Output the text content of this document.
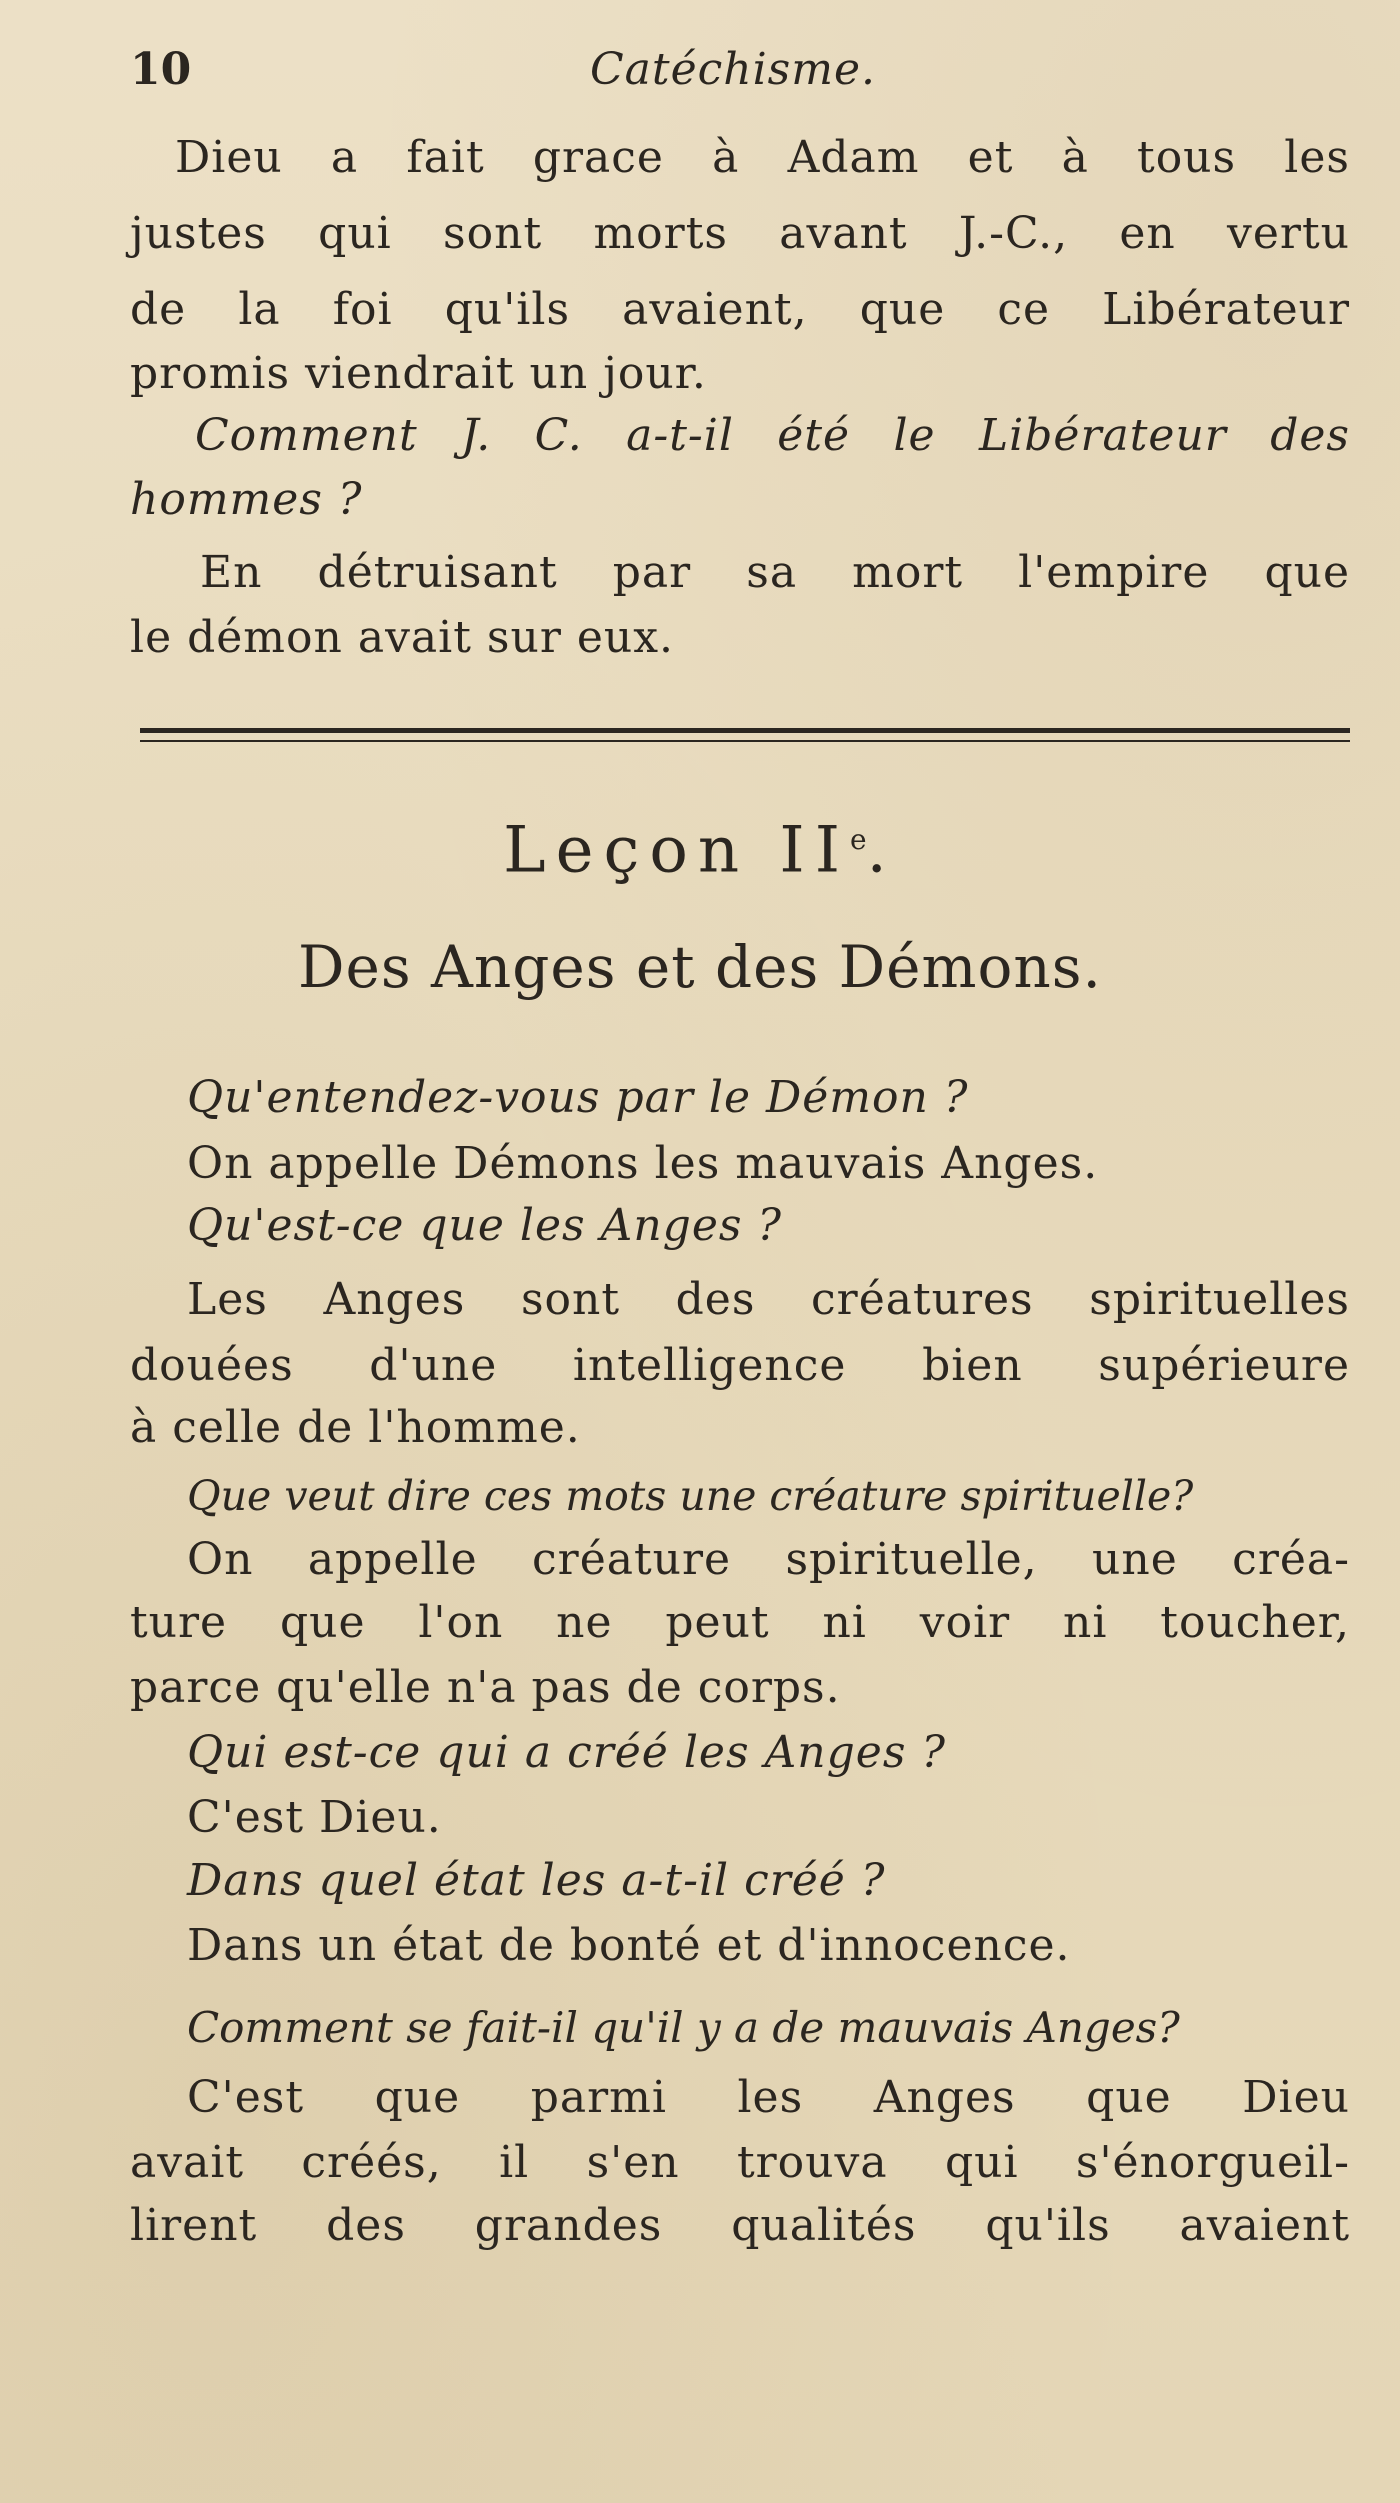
10	Catéchisme.
Dieu a fait grace à Adam et à tous les
justes qui sont morts avant J.-C., en vertu
de la foi qu'ils avaient, que ce Libérateur
promis viendrait un jour.
Comment J. C. a-t-il été le Libérateur des
hommes ?
En détruisant par sa mort l'empire que
le démon avait sur eux.
Leçon IIe.
Des Anges et des Démons.
Qu'entendez-vous par le Démon ?
On appelle Démons les mauvais Anges.
Qu'est-ce que les Anges ?
Les Anges sont des créatures spirituelles
douées d'une intelligence bien supérieure
à celle de l'homme.
Que veut dire ces mots une créature spirituelle?
On appelle créature spirituelle, une créa-
ture que l'on ne peut ni voir ni toucher,
parce qu'elle n'a pas de corps.
Qui est-ce qui a créé les Anges ?
C'est Dieu.
Dans quel état les a-t-il créé ?
Dans un état de bonté et d'innocence.
Comment se fait-il qu'il y a de mauvais Anges?
C'est que parmi les Anges que Dieu
avait créés, il s'en trouva qui s'énorgueil-
lirent des grandes qualités qu'ils avaient
